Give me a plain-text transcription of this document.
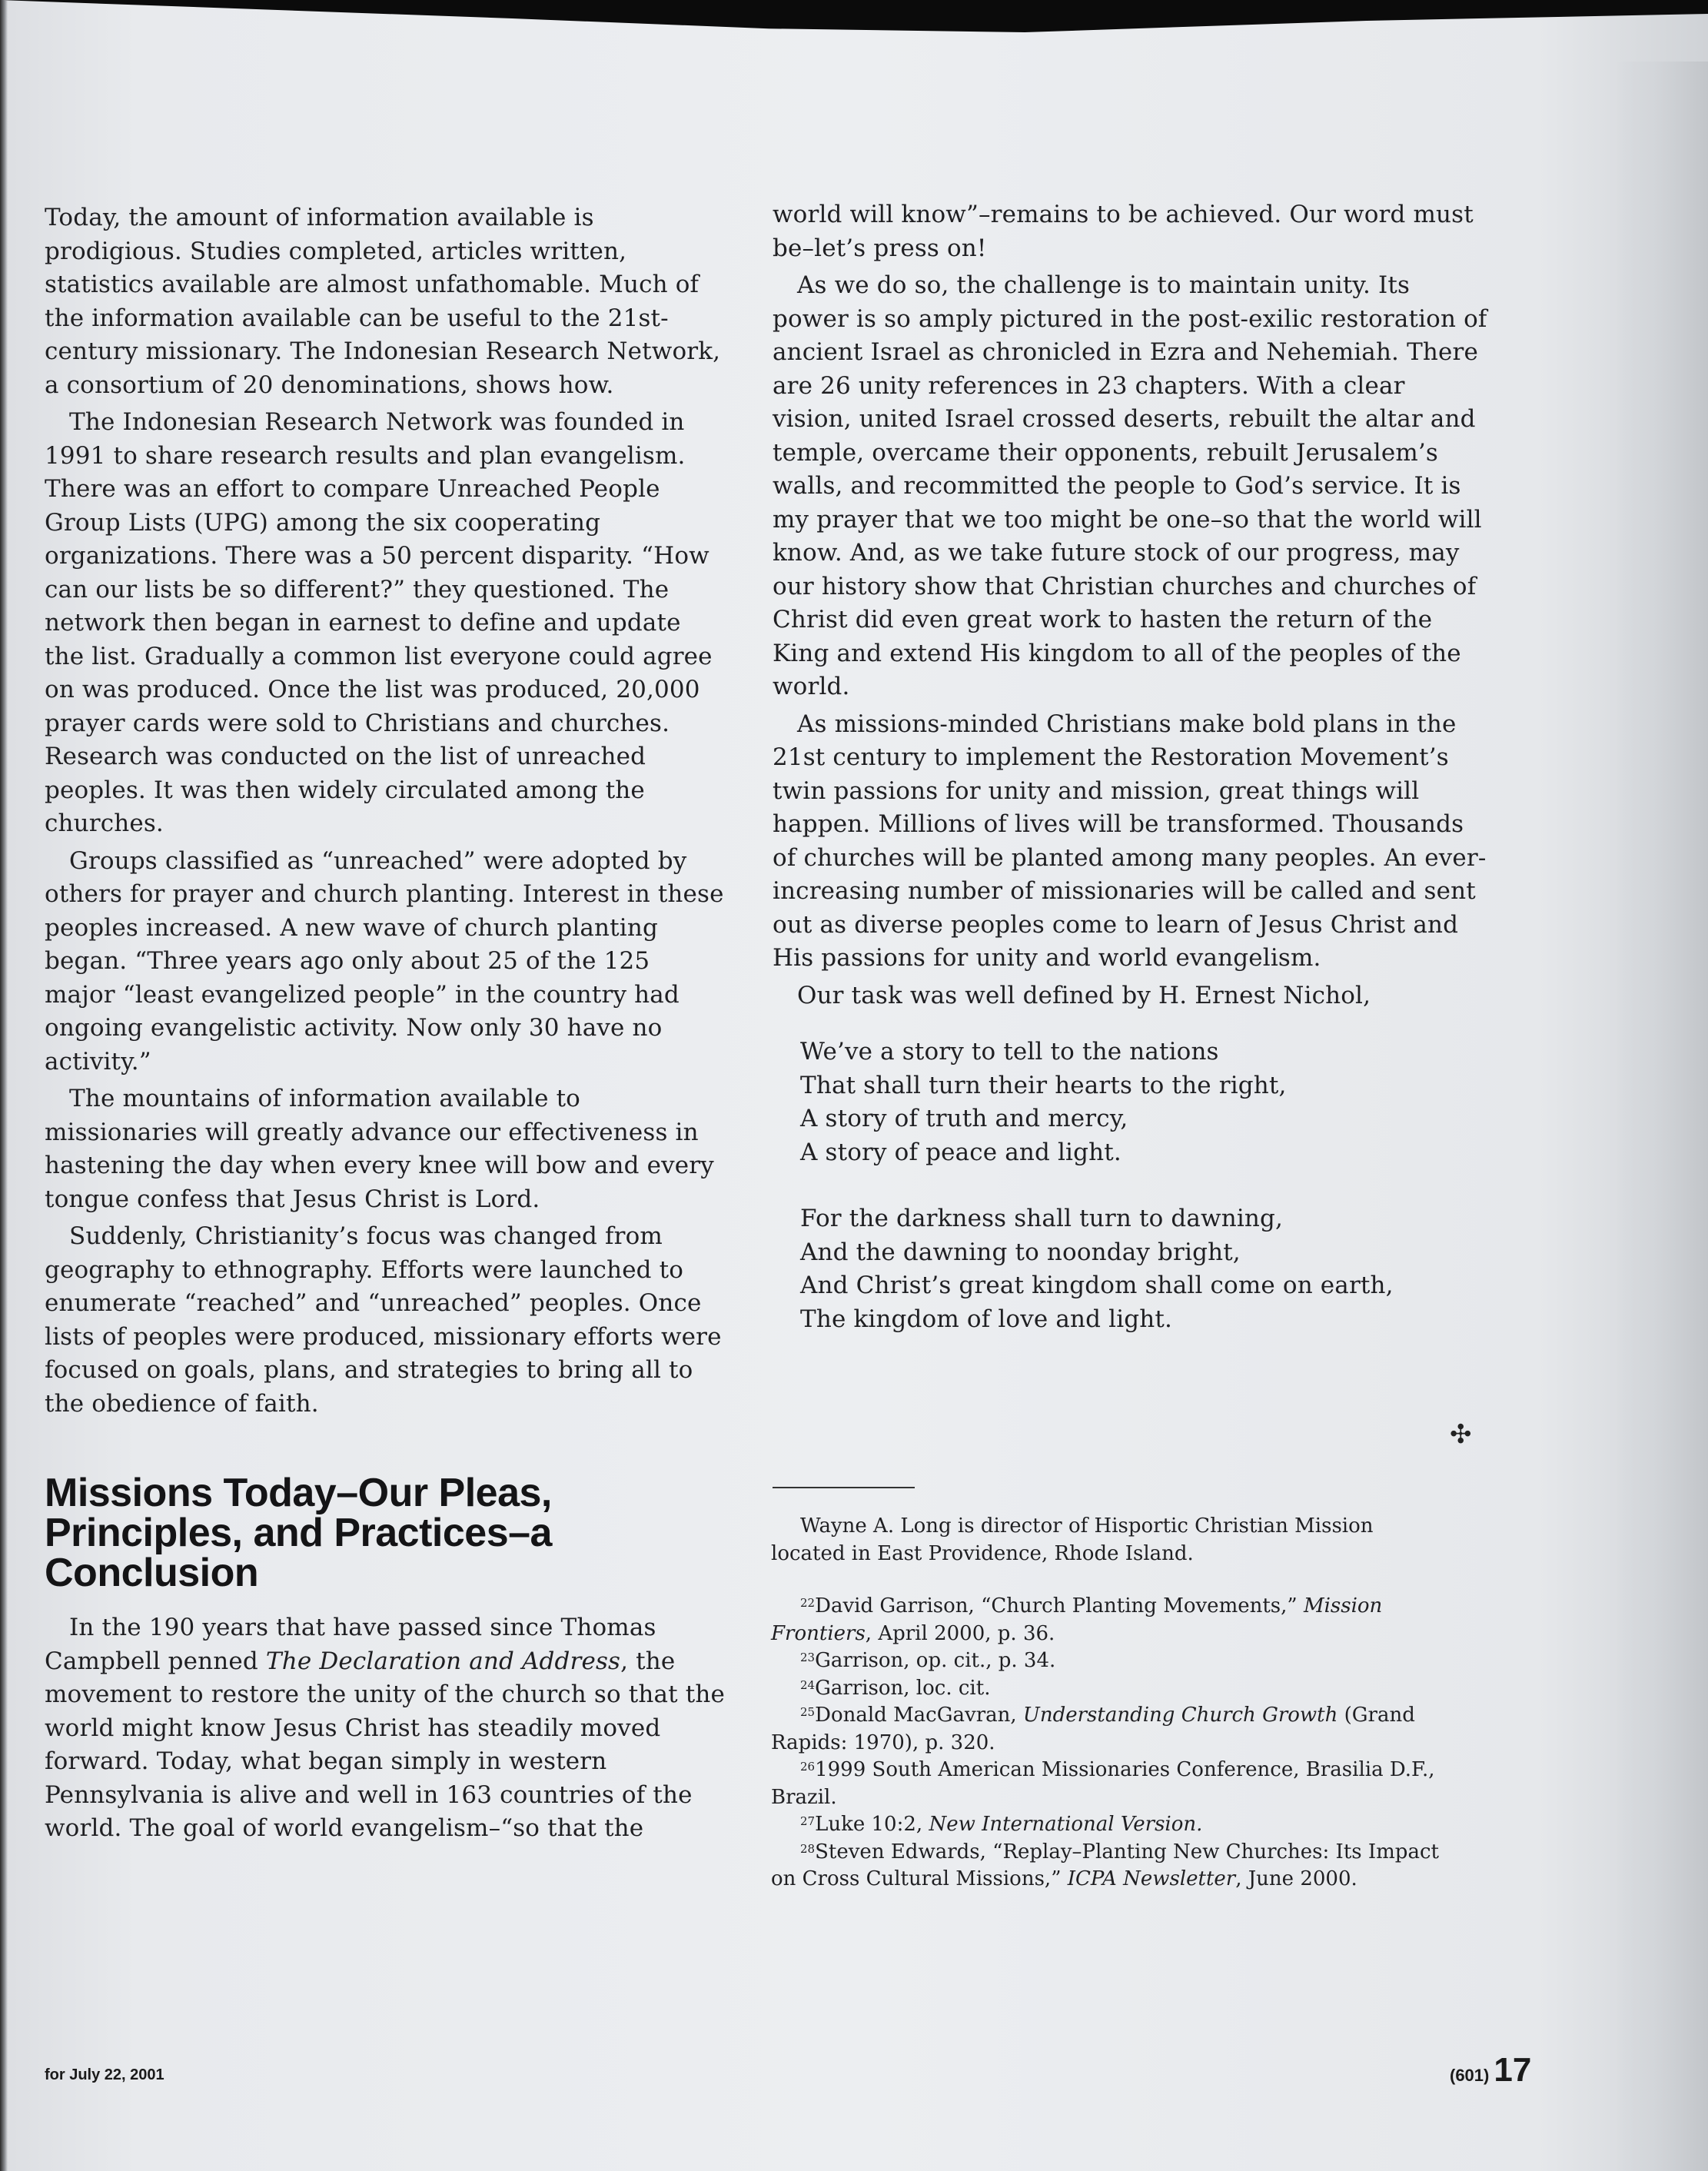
Today, the amount of information available is prodigious. Studies completed, articles written, statistics available are almost unfathomable. Much of the information available can be useful to the 21st-century missionary. The Indonesian Research Network, a consortium of 20 denominations, shows how.

The Indonesian Research Network was founded in 1991 to share research results and plan evangelism. There was an effort to compare Unreached People Group Lists (UPG) among the six cooperating organizations. There was a 50 percent disparity. “How can our lists be so different?” they questioned. The network then began in earnest to define and update the list. Gradually a common list everyone could agree on was produced. Once the list was produced, 20,000 prayer cards were sold to Christians and churches. Research was conducted on the list of unreached peoples. It was then widely circulated among the churches.

Groups classified as “unreached” were adopted by others for prayer and church planting. Interest in these peoples increased. A new wave of church planting began. “Three years ago only about 25 of the 125 major “least evangelized people” in the country had ongoing evangelistic activity. Now only 30 have no activity.”

The mountains of information available to missionaries will greatly advance our effectiveness in hastening the day when every knee will bow and every tongue confess that Jesus Christ is Lord.

Suddenly, Christianity’s focus was changed from geography to ethnography. Efforts were launched to enumerate “reached” and “unreached” peoples. Once lists of peoples were produced, missionary efforts were focused on goals, plans, and strategies to bring all to the obedience of faith.

Missions Today–Our Pleas, Principles, and Practices–a Conclusion

In the 190 years that have passed since Thomas Campbell penned The Declaration and Address, the movement to restore the unity of the church so that the world might know Jesus Christ has steadily moved forward. Today, what began simply in western Pennsylvania is alive and well in 163 countries of the world. The goal of world evangelism–“so that the

world will know”–remains to be achieved. Our word must be–let’s press on!

As we do so, the challenge is to maintain unity. Its power is so amply pictured in the post-exilic restoration of ancient Israel as chronicled in Ezra and Nehemiah. There are 26 unity references in 23 chapters. With a clear vision, united Israel crossed deserts, rebuilt the altar and temple, overcame their opponents, rebuilt Jerusalem’s walls, and recommitted the people to God’s service. It is my prayer that we too might be one–so that the world will know. And, as we take future stock of our progress, may our history show that Christian churches and churches of Christ did even great work to hasten the return of the King and extend His kingdom to all of the peoples of the world.

As missions-minded Christians make bold plans in the 21st century to implement the Restoration Movement’s twin passions for unity and mission, great things will happen. Millions of lives will be transformed. Thousands of churches will be planted among many peoples. An ever-increasing number of missionaries will be called and sent out as diverse peoples come to learn of Jesus Christ and His passions for unity and world evangelism.

Our task was well defined by H. Ernest Nichol,

We’ve a story to tell to the nations
That shall turn their hearts to the right,
A story of truth and mercy,
A story of peace and light.
For the darkness shall turn to dawning,
And the dawning to noonday bright,
And Christ’s great kingdom shall come on earth,
The kingdom of love and light.
✣

Wayne A. Long is director of Hisportic Christian Mission located in East Providence, Rhode Island.

$^{22}$David Garrison, “Church Planting Movements,” Mission Frontiers, April 2000, p. 36.

$^{23}$Garrison, op. cit., p. 34.

$^{24}$Garrison, loc. cit.

$^{25}$Donald MacGavran, Understanding Church Growth (Grand Rapids: 1970), p. 320.

$^{26}$1999 South American Missionaries Conference, Brasilia D.F., Brazil.

$^{27}$Luke 10:2, New International Version.

$^{28}$Steven Edwards, “Replay–Planting New Churches: Its Impact on Cross Cultural Missions,” ICPA Newsletter, June 2000.

for July 22, 2001	(601) 17
